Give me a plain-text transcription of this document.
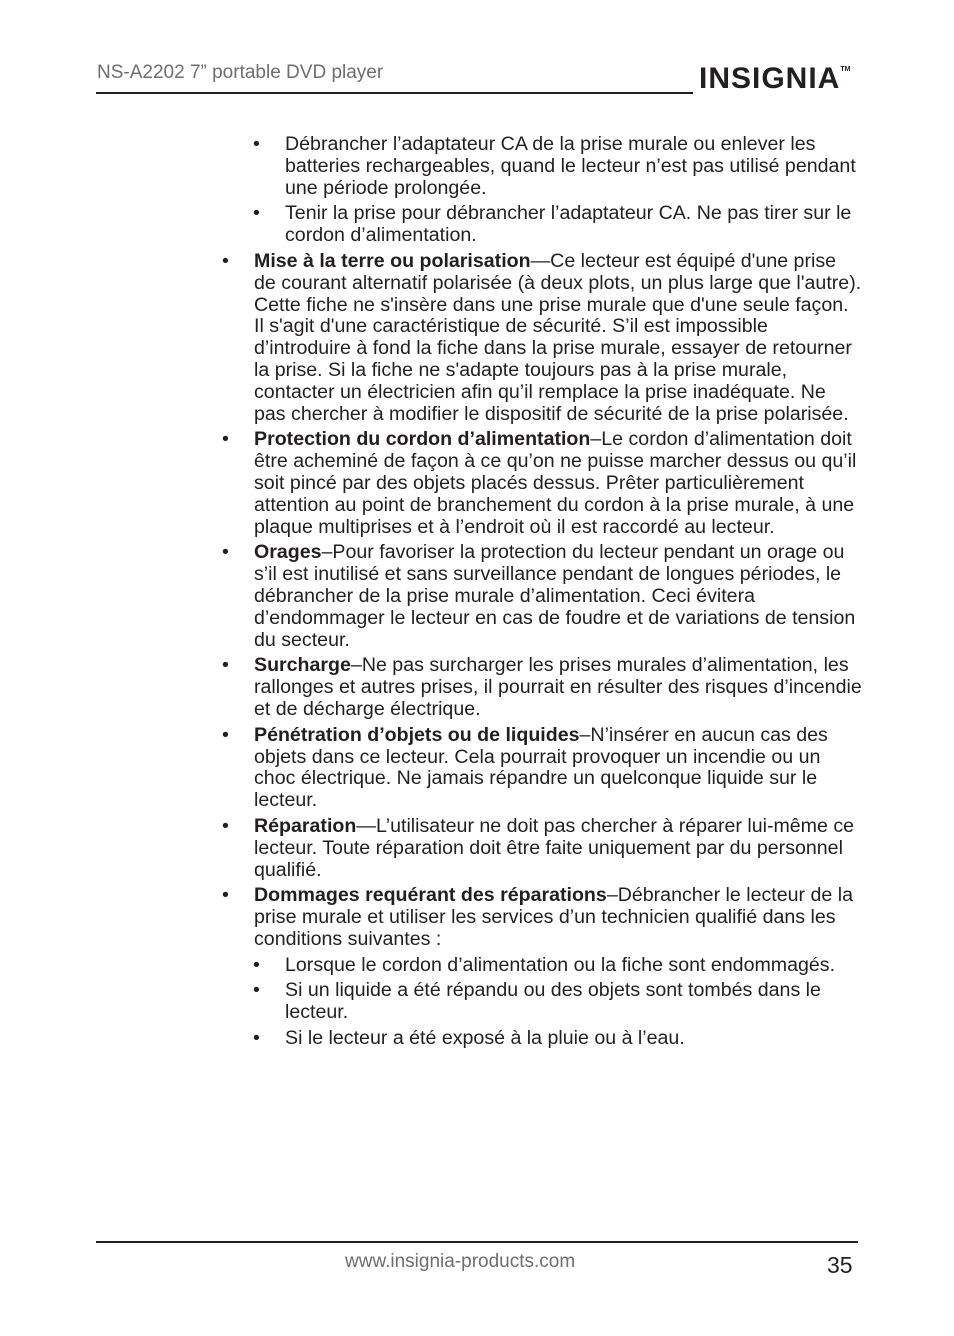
NS-A2202 7” portable DVD player	INSIGNIA™
• Débrancher l’adaptateur CA de la prise murale ou enlever les batteries rechargeables, quand le lecteur n’est pas utilisé pendant une période prolongée.
• Tenir la prise pour débrancher l’adaptateur CA. Ne pas tirer sur le cordon d’alimentation.
• Mise à la terre ou polarisation—Ce lecteur est équipé d'une prise de courant alternatif polarisée (à deux plots, un plus large que l'autre). Cette fiche ne s'insère dans une prise murale que d'une seule façon. Il s'agit d'une caractéristique de sécurité. S’il est impossible d’introduire à fond la fiche dans la prise murale, essayer de retourner la prise. Si la fiche ne s'adapte toujours pas à la prise murale, contacter un électricien afin qu’il remplace la prise inadéquate. Ne pas chercher à modifier le dispositif de sécurité de la prise polarisée.
• Protection du cordon d’alimentation–Le cordon d’alimentation doit être acheminé de façon à ce qu’on ne puisse marcher dessus ou qu’il soit pincé par des objets placés dessus. Prêter particulièrement attention au point de branchement du cordon à la prise murale, à une plaque multiprises et à l’endroit où il est raccordé au lecteur.
• Orages–Pour favoriser la protection du lecteur pendant un orage ou s’il est inutilisé et sans surveillance pendant de longues périodes, le débrancher de la prise murale d’alimentation. Ceci évitera d’endommager le lecteur en cas de foudre et de variations de tension du secteur.
• Surcharge–Ne pas surcharger les prises murales d’alimentation, les rallonges et autres prises, il pourrait en résulter des risques d’incendie et de décharge électrique.
• Pénétration d’objets ou de liquides–N’insérer en aucun cas des objets dans ce lecteur. Cela pourrait provoquer un incendie ou un choc électrique. Ne jamais répandre un quelconque liquide sur le lecteur.
• Réparation—L’utilisateur ne doit pas chercher à réparer lui-même ce lecteur. Toute réparation doit être faite uniquement par du personnel qualifié.
• Dommages requérant des réparations–Débrancher le lecteur de la prise murale et utiliser les services d’un technicien qualifié dans les conditions suivantes :
• Lorsque le cordon d’alimentation ou la fiche sont endommagés.
• Si un liquide a été répandu ou des objets sont tombés dans le lecteur.
• Si le lecteur a été exposé à la pluie ou à l’eau.
www.insignia-products.com	35
